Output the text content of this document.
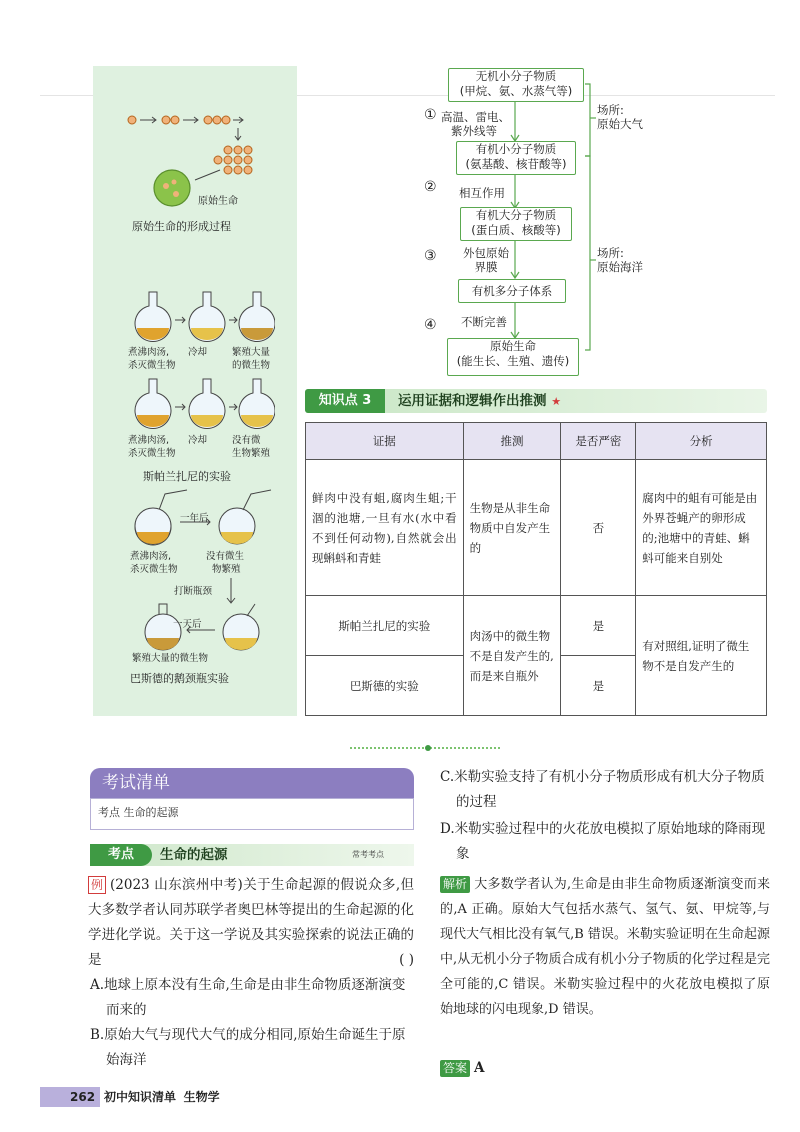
原始生命
原始生命的形成过程
煮沸肉汤,
杀灭微生物
冷却	繁殖大量
的微生物
煮沸肉汤,
杀灭微生物
冷却	没有微
生物繁殖
斯帕兰扎尼的实验
一年后
煮沸肉汤,
杀灭微生物
没有微生
物繁殖
打断瓶颈
一天后
繁殖大量的微生物
巴斯德的鹅颈瓶实验
无机小分子物质
(甲烷、氨、水蒸气等)
① 高温、雷电、
紫外线等
有机小分子物质
(氨基酸、核苷酸等)
② 相互作用
有机大分子物质
(蛋白质、核酸等)
③ 外包原始
界膜
有机多分子体系
④ 不断完善
原始生命
(能生长、生殖、遗传)
场所:
原始大气
场所:
原始海洋
知识点 3	运用证据和逻辑作出推测 ★
证据	推测	是否严密	分析
鲜肉中没有蛆,腐肉生蛆;干涸的池塘,一旦有水(水中看不到任何动物),自然就会出现蝌蚪和青蛙	生物是从非生命物质中自发产生的	否	腐肉中的蛆有可能是由外界苍蝇产的卵形成的;池塘中的青蛙、蝌蚪可能来自别处
斯帕兰扎尼的实验	肉汤中的微生物不是自发产生的,而是来自瓶外	是	有对照组,证明了微生物不是自发产生的
巴斯德的实验		是	
考试清单
考点 生命的起源
考点	生命的起源	常考考点
例 (2023 山东滨州中考)关于生命起源的假说众多,但大多数学者认同苏联学者奥巴林等提出的生命起源的化学进化学说。关于这一学说及其实验探索的说法正确的是	( )
A.地球上原本没有生命,生命是由非生命物质逐渐演变而来的
B.原始大气与现代大气的成分相同,原始生命诞生于原始海洋
C.米勒实验支持了有机小分子物质形成有机大分子物质的过程
D.米勒实验过程中的火花放电模拟了原始地球的降雨现象
解析 大多数学者认为,生命是由非生命物质逐渐演变而来的,A 正确。原始大气包括水蒸气、氢气、氨、甲烷等,与现代大气相比没有氧气,B 错误。米勒实验证明在生命起源中,从无机小分子物质合成有机小分子物质的化学过程是完全可能的,C 错误。米勒实验过程中的火花放电模拟了原始地球的闪电现象,D 错误。
答案 A
262 初中知识清单 生物学
